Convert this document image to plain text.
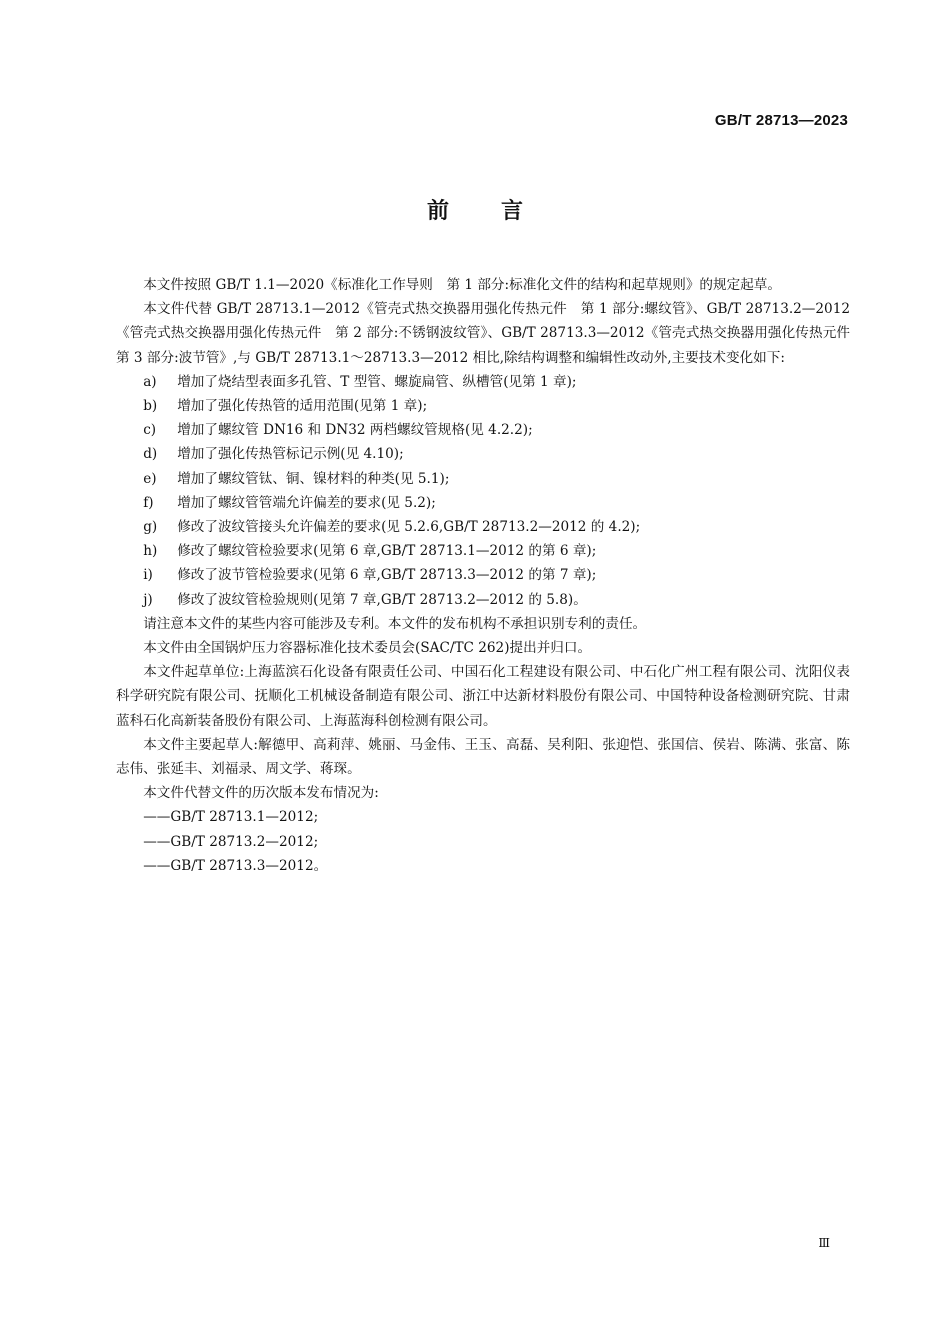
GB/T 28713—2023
前言

本文件按照 GB/T 1.1—2020《标准化工作导则　第 1 部分:标准化文件的结构和起草规则》的规定起草。

本文件代替 GB/T 28713.1—2012《管壳式热交换器用强化传热元件　第 1 部分:螺纹管》、GB/T 28713.2—2012《管壳式热交换器用强化传热元件　第 2 部分:不锈钢波纹管》、GB/T 28713.3—2012《管壳式热交换器用强化传热元件　第 3 部分:波节管》,与 GB/T 28713.1～28713.3—2012 相比,除结构调整和编辑性改动外,主要技术变化如下:

a)	增加了烧结型表面多孔管、T 型管、螺旋扁管、纵槽管(见第 1 章);

b)	增加了强化传热管的适用范围(见第 1 章);

c)	增加了螺纹管 DN16 和 DN32 两档螺纹管规格(见 4.2.2);

d)	增加了强化传热管标记示例(见 4.10);

e)	增加了螺纹管钛、铜、镍材料的种类(见 5.1);

f)	增加了螺纹管管端允许偏差的要求(见 5.2);

g)	修改了波纹管接头允许偏差的要求(见 5.2.6,GB/T 28713.2—2012 的 4.2);

h)	修改了螺纹管检验要求(见第 6 章,GB/T 28713.1—2012 的第 6 章);

i)	修改了波节管检验要求(见第 6 章,GB/T 28713.3—2012 的第 7 章);

j)	修改了波纹管检验规则(见第 7 章,GB/T 28713.2—2012 的 5.8)。

请注意本文件的某些内容可能涉及专利。本文件的发布机构不承担识别专利的责任。

本文件由全国锅炉压力容器标准化技术委员会(SAC/TC 262)提出并归口。

本文件起草单位:上海蓝滨石化设备有限责任公司、中国石化工程建设有限公司、中石化广州工程有限公司、沈阳仪表科学研究院有限公司、抚顺化工机械设备制造有限公司、浙江中达新材料股份有限公司、中国特种设备检测研究院、甘肃蓝科石化高新装备股份有限公司、上海蓝海科创检测有限公司。

本文件主要起草人:解德甲、高莉萍、姚丽、马金伟、王玉、高磊、吴利阳、张迎恺、张国信、侯岩、陈满、张富、陈志伟、张延丰、刘福录、周文学、蒋琛。

本文件代替文件的历次版本发布情况为:

——GB/T 28713.1—2012;

——GB/T 28713.2—2012;

——GB/T 28713.3—2012。

Ⅲ
